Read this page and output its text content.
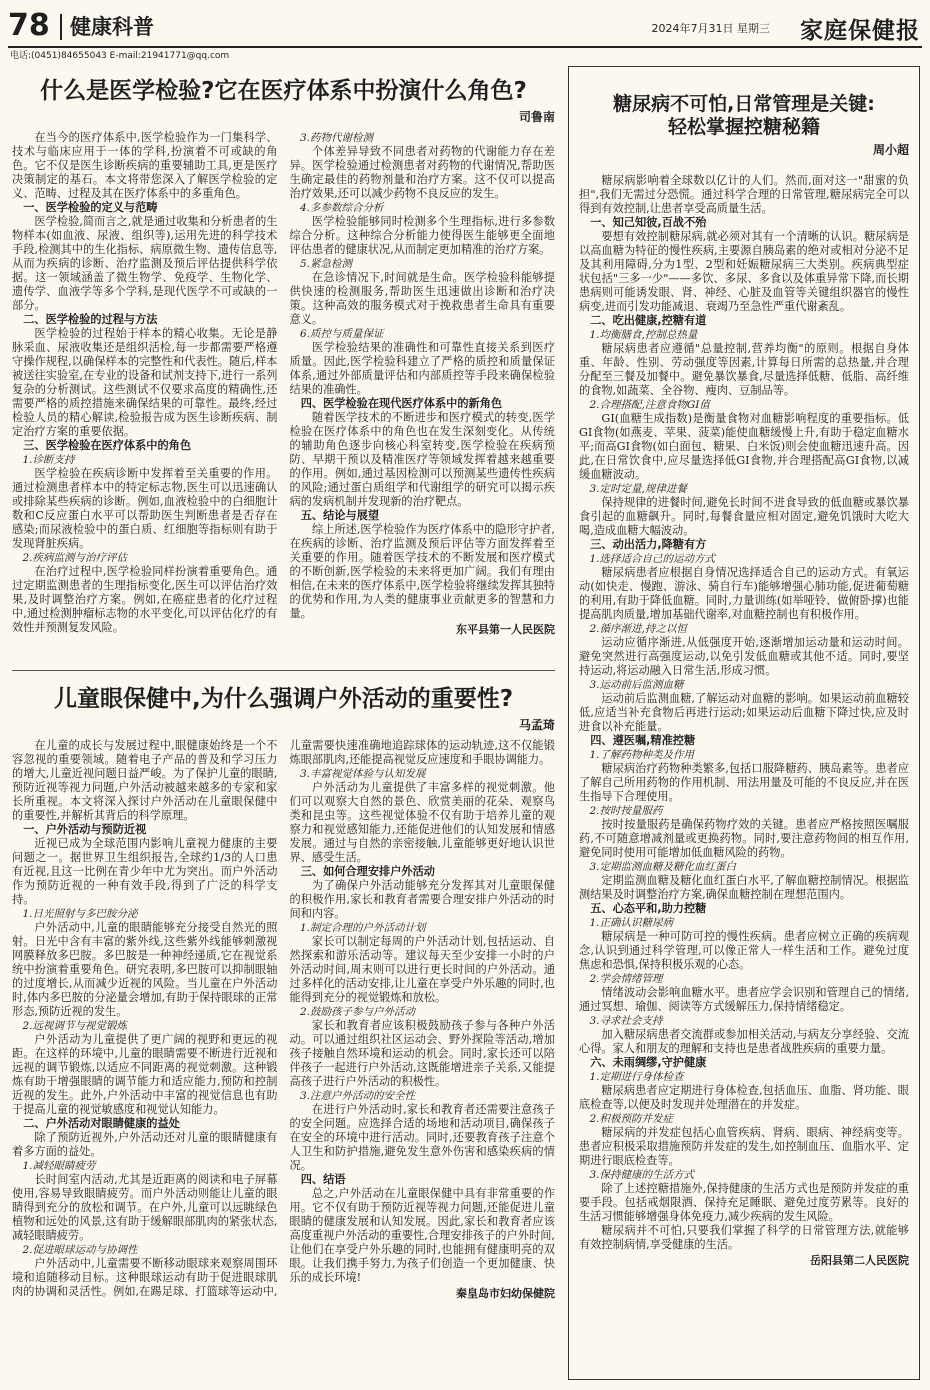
78 健康科普	2024年7月31日 星期三 家庭保健报
电话:(0451)84655043 E-mail:21941771@qq.com
什么是医学检验?它在医疗体系中扮演什么角色?
司鲁南

在当今的医疗体系中,医学检验作为一门集科学、技术与临床应用于一体的学科,扮演着不可或缺的角色。它不仅是医生诊断疾病的重要辅助工具,更是医疗决策制定的基石。本文将带您深入了解医学检验的定义、范畴、过程及其在医疗体系中的多重角色。

一、医学检验的定义与范畴

医学检验,简而言之,就是通过收集和分析患者的生物样本(如血液、尿液、组织等),运用先进的科学技术手段,检测其中的生化指标、病原微生物、遗传信息等,从而为疾病的诊断、治疗监测及预后评估提供科学依据。这一领域涵盖了微生物学、免疫学、生物化学、遗传学、血液学等多个学科,是现代医学不可或缺的一部分。

二、医学检验的过程与方法

医学检验的过程始于样本的精心收集。无论是静脉采血、尿液收集还是组织活检,每一步都需要严格遵守操作规程,以确保样本的完整性和代表性。随后,样本被送往实验室,在专业的设备和试剂支持下,进行一系列复杂的分析测试。这些测试不仅要求高度的精确性,还需要严格的质控措施来确保结果的可靠性。最终,经过检验人员的精心解读,检验报告成为医生诊断疾病、制定治疗方案的重要依据。

三、医学检验在医疗体系中的角色
1.诊断支持

医学检验在疾病诊断中发挥着至关重要的作用。通过检测患者样本中的特定标志物,医生可以迅速确认或排除某些疾病的诊断。例如,血液检验中的白细胞计数和C反应蛋白水平可以帮助医生判断患者是否存在感染;而尿液检验中的蛋白质、红细胞等指标则有助于发现肾脏疾病。

2.疾病监测与治疗评估

在治疗过程中,医学检验同样扮演着重要角色。通过定期监测患者的生理指标变化,医生可以评估治疗效果,及时调整治疗方案。例如,在癌症患者的化疗过程中,通过检测肿瘤标志物的水平变化,可以评估化疗的有效性并预测复发风险。

3.药物代谢检测

个体差异导致不同患者对药物的代谢能力存在差异。医学检验通过检测患者对药物的代谢情况,帮助医生确定最佳的药物剂量和治疗方案。这不仅可以提高治疗效果,还可以减少药物不良反应的发生。

4.多参数综合分析

医学检验能够同时检测多个生理指标,进行多参数综合分析。这种综合分析能力使得医生能够更全面地评估患者的健康状况,从而制定更加精准的治疗方案。

5.紧急检测

在急诊情况下,时间就是生命。医学检验科能够提供快速的检测服务,帮助医生迅速做出诊断和治疗决策。这种高效的服务模式对于挽救患者生命具有重要意义。

6.质控与质量保证

医学检验结果的准确性和可靠性直接关系到医疗质量。因此,医学检验科建立了严格的质控和质量保证体系,通过外部质量评估和内部质控等手段来确保检验结果的准确性。

四、医学检验在现代医疗体系中的新角色

随着医学技术的不断进步和医疗模式的转变,医学检验在医疗体系中的角色也在发生深刻变化。从传统的辅助角色逐步向核心科室转变,医学检验在疾病预防、早期干预以及精准医疗等领域发挥着越来越重要的作用。例如,通过基因检测可以预测某些遗传性疾病的风险;通过蛋白质组学和代谢组学的研究可以揭示疾病的发病机制并发现新的治疗靶点。

五、结论与展望

综上所述,医学检验作为医疗体系中的隐形守护者,在疾病的诊断、治疗监测及预后评估等方面发挥着至关重要的作用。随着医学技术的不断发展和医疗模式的不断创新,医学检验的未来将更加广阔。我们有理由相信,在未来的医疗体系中,医学检验将继续发挥其独特的优势和作用,为人类的健康事业贡献更多的智慧和力量。

东平县第一人民医院
儿童眼保健中,为什么强调户外活动的重要性?
马孟琦

在儿童的成长与发展过程中,眼健康始终是一个不容忽视的重要领域。随着电子产品的普及和学习压力的增大,儿童近视问题日益严峻。为了保护儿童的眼睛,预防近视等视力问题,户外活动被越来越多的专家和家长所重视。本文将深入探讨户外活动在儿童眼保健中的重要性,并解析其背后的科学原理。

一、户外活动与预防近视

近视已成为全球范围内影响儿童视力健康的主要问题之一。据世界卫生组织报告,全球约1/3的人口患有近视,且这一比例在青少年中尤为突出。而户外活动作为预防近视的一种有效手段,得到了广泛的科学支持。

1.日光照射与多巴胺分泌

户外活动中,儿童的眼睛能够充分接受自然光的照射。日光中含有丰富的紫外线,这些紫外线能够刺激视网膜释放多巴胺。多巴胺是一种神经递质,它在视觉系统中扮演着重要角色。研究表明,多巴胺可以抑制眼轴的过度增长,从而减少近视的风险。当儿童在户外活动时,体内多巴胺的分泌量会增加,有助于保持眼球的正常形态,预防近视的发生。

2.远视调节与视觉锻炼

户外活动为儿童提供了更广阔的视野和更远的视距。在这样的环境中,儿童的眼睛需要不断进行近视和远视的调节锻炼,以适应不同距离的视觉刺激。这种锻炼有助于增强眼睛的调节能力和适应能力,预防和控制近视的发生。此外,户外活动中丰富的视觉信息也有助于提高儿童的视觉敏感度和视觉认知能力。

二、户外活动对眼睛健康的益处

除了预防近视外,户外活动还对儿童的眼睛健康有着多方面的益处。

1.减轻眼睛疲劳

长时间室内活动,尤其是近距离的阅读和电子屏幕使用,容易导致眼睛疲劳。而户外活动则能让儿童的眼睛得到充分的放松和调节。在户外,儿童可以远眺绿色植物和远处的风景,这有助于缓解眼部肌肉的紧张状态,减轻眼睛疲劳。

2.促进眼球运动与协调性

户外活动中,儿童需要不断移动眼球来观察周围环境和追随移动目标。这种眼球运动有助于促进眼球肌肉的协调和灵活性。例如,在踢足球、打篮球等运动中,儿童需要快速准确地追踪球体的运动轨迹,这不仅能锻炼眼部肌肉,还能提高视觉反应速度和手眼协调能力。

3.丰富视觉体验与认知发展

户外活动为儿童提供了丰富多样的视觉刺激。他们可以观察大自然的景色、欣赏美丽的花朵、观察鸟类和昆虫等。这些视觉体验不仅有助于培养儿童的观察力和视觉感知能力,还能促进他们的认知发展和情感发展。通过与自然的亲密接触,儿童能够更好地认识世界、感受生活。

三、如何合理安排户外活动

为了确保户外活动能够充分发挥其对儿童眼保健的积极作用,家长和教育者需要合理安排户外活动的时间和内容。

1.制定合理的户外活动计划

家长可以制定每周的户外活动计划,包括运动、自然探索和游乐活动等。建议每天至少安排一小时的户外活动时间,周末则可以进行更长时间的户外活动。通过多样化的活动安排,让儿童在享受户外乐趣的同时,也能得到充分的视觉锻炼和放松。

2.鼓励孩子参与户外活动

家长和教育者应该积极鼓励孩子参与各种户外活动。可以通过组织社区运动会、野外探险等活动,增加孩子接触自然环境和运动的机会。同时,家长还可以陪伴孩子一起进行户外活动,这既能增进亲子关系,又能提高孩子进行户外活动的积极性。

3.注意户外活动的安全性

在进行户外活动时,家长和教育者还需要注意孩子的安全问题。应选择合适的场地和活动项目,确保孩子在安全的环境中进行活动。同时,还要教育孩子注意个人卫生和防护措施,避免发生意外伤害和感染疾病的情况。

四、结语

总之,户外活动在儿童眼保健中具有非常重要的作用。它不仅有助于预防近视等视力问题,还能促进儿童眼睛的健康发展和认知发展。因此,家长和教育者应该高度重视户外活动的重要性,合理安排孩子的户外时间,让他们在享受户外乐趣的同时,也能拥有健康明亮的双眼。让我们携手努力,为孩子们创造一个更加健康、快乐的成长环境!

秦皇岛市妇幼保健院
糖尿病不可怕,日常管理是关键:
轻松掌握控糖秘籍
周小超

糖尿病影响着全球数以亿计的人们。然而,面对这一"甜蜜的负担",我们无需过分恐慌。通过科学合理的日常管理,糖尿病完全可以得到有效控制,让患者享受高质量生活。

一、知己知彼,百战不殆

要想有效控制糖尿病,就必须对其有一个清晰的认识。糖尿病是以高血糖为特征的慢性疾病,主要源自胰岛素的绝对或相对分泌不足及其利用障碍,分为1型、2型和妊娠糖尿病三大类别。疾病典型症状包括"三多一少"——多饮、多尿、多食以及体重异常下降,而长期患病则可能诱发眼、肾、神经、心脏及血管等关键组织器官的慢性病变,进而引发功能减退、衰竭乃至急性严重代谢紊乱。

二、吃出健康,控糖有道
1.均衡膳食,控制总热量

糖尿病患者应遵循"总量控制,营养均衡"的原则。根据自身体重、年龄、性别、劳动强度等因素,计算每日所需的总热量,并合理分配至三餐及加餐中。避免暴饮暴食,尽量选择低糖、低脂、高纤维的食物,如蔬菜、全谷物、瘦肉、豆制品等。

2.合理搭配,注意食物GI值

GI(血糖生成指数)是衡量食物对血糖影响程度的重要指标。低GI食物(如燕麦、苹果、菠菜)能使血糖缓慢上升,有助于稳定血糖水平;而高GI食物(如白面包、糖果、白米饭)则会使血糖迅速升高。因此,在日常饮食中,应尽量选择低GI食物,并合理搭配高GI食物,以减缓血糖波动。

3.定时定量,规律进餐

保持规律的进餐时间,避免长时间不进食导致的低血糖或暴饮暴食引起的血糖飙升。同时,每餐食量应相对固定,避免饥饿时大吃大喝,造成血糖大幅波动。

三、动出活力,降糖有方
1.选择适合自己的运动方式

糖尿病患者应根据自身情况选择适合自己的运动方式。有氧运动(如快走、慢跑、游泳、骑自行车)能够增强心肺功能,促进葡萄糖的利用,有助于降低血糖。同时,力量训练(如举哑铃、做俯卧撑)也能提高肌肉质量,增加基础代谢率,对血糖控制也有积极作用。

2.循序渐进,持之以恒

运动应循序渐进,从低强度开始,逐渐增加运动量和运动时间。避免突然进行高强度运动,以免引发低血糖或其他不适。同时,要坚持运动,将运动融入日常生活,形成习惯。

3.运动前后监测血糖

运动前后监测血糖,了解运动对血糖的影响。如果运动前血糖较低,应适当补充食物后再进行运动;如果运动后血糖下降过快,应及时进食以补充能量。

四、遵医嘱,精准控糖
1.了解药物种类及作用

糖尿病治疗药物种类繁多,包括口服降糖药、胰岛素等。患者应了解自己所用药物的作用机制、用法用量及可能的不良反应,并在医生指导下合理使用。

2.按时按量服药

按时按量服药是确保药物疗效的关键。患者应严格按照医嘱服药,不可随意增减剂量或更换药物。同时,要注意药物间的相互作用,避免同时使用可能增加低血糖风险的药物。

3.定期监测血糖及糖化血红蛋白

定期监测血糖及糖化血红蛋白水平,了解血糖控制情况。根据监测结果及时调整治疗方案,确保血糖控制在理想范围内。

五、心态平和,助力控糖
1.正确认识糖尿病

糖尿病是一种可防可控的慢性疾病。患者应树立正确的疾病观念,认识到通过科学管理,可以像正常人一样生活和工作。避免过度焦虑和恐惧,保持积极乐观的心态。

2.学会情绪管理

情绪波动会影响血糖水平。患者应学会识别和管理自己的情绪,通过冥想、瑜伽、阅读等方式缓解压力,保持情绪稳定。

3.寻求社会支持

加入糖尿病患者交流群或参加相关活动,与病友分享经验、交流心得。家人和朋友的理解和支持也是患者战胜疾病的重要力量。

六、未雨绸缪,守护健康
1.定期进行身体检查

糖尿病患者应定期进行身体检查,包括血压、血脂、肾功能、眼底检查等,以便及时发现并处理潜在的并发症。

2.积极预防并发症

糖尿病的并发症包括心血管疾病、肾病、眼病、神经病变等。患者应积极采取措施预防并发症的发生,如控制血压、血脂水平、定期进行眼底检查等。

3.保持健康的生活方式

除了上述控糖措施外,保持健康的生活方式也是预防并发症的重要手段。包括戒烟限酒、保持充足睡眠、避免过度劳累等。良好的生活习惯能够增强身体免疫力,减少疾病的发生风险。

糖尿病并不可怕,只要我们掌握了科学的日常管理方法,就能够有效控制病情,享受健康的生活。

岳阳县第二人民医院
